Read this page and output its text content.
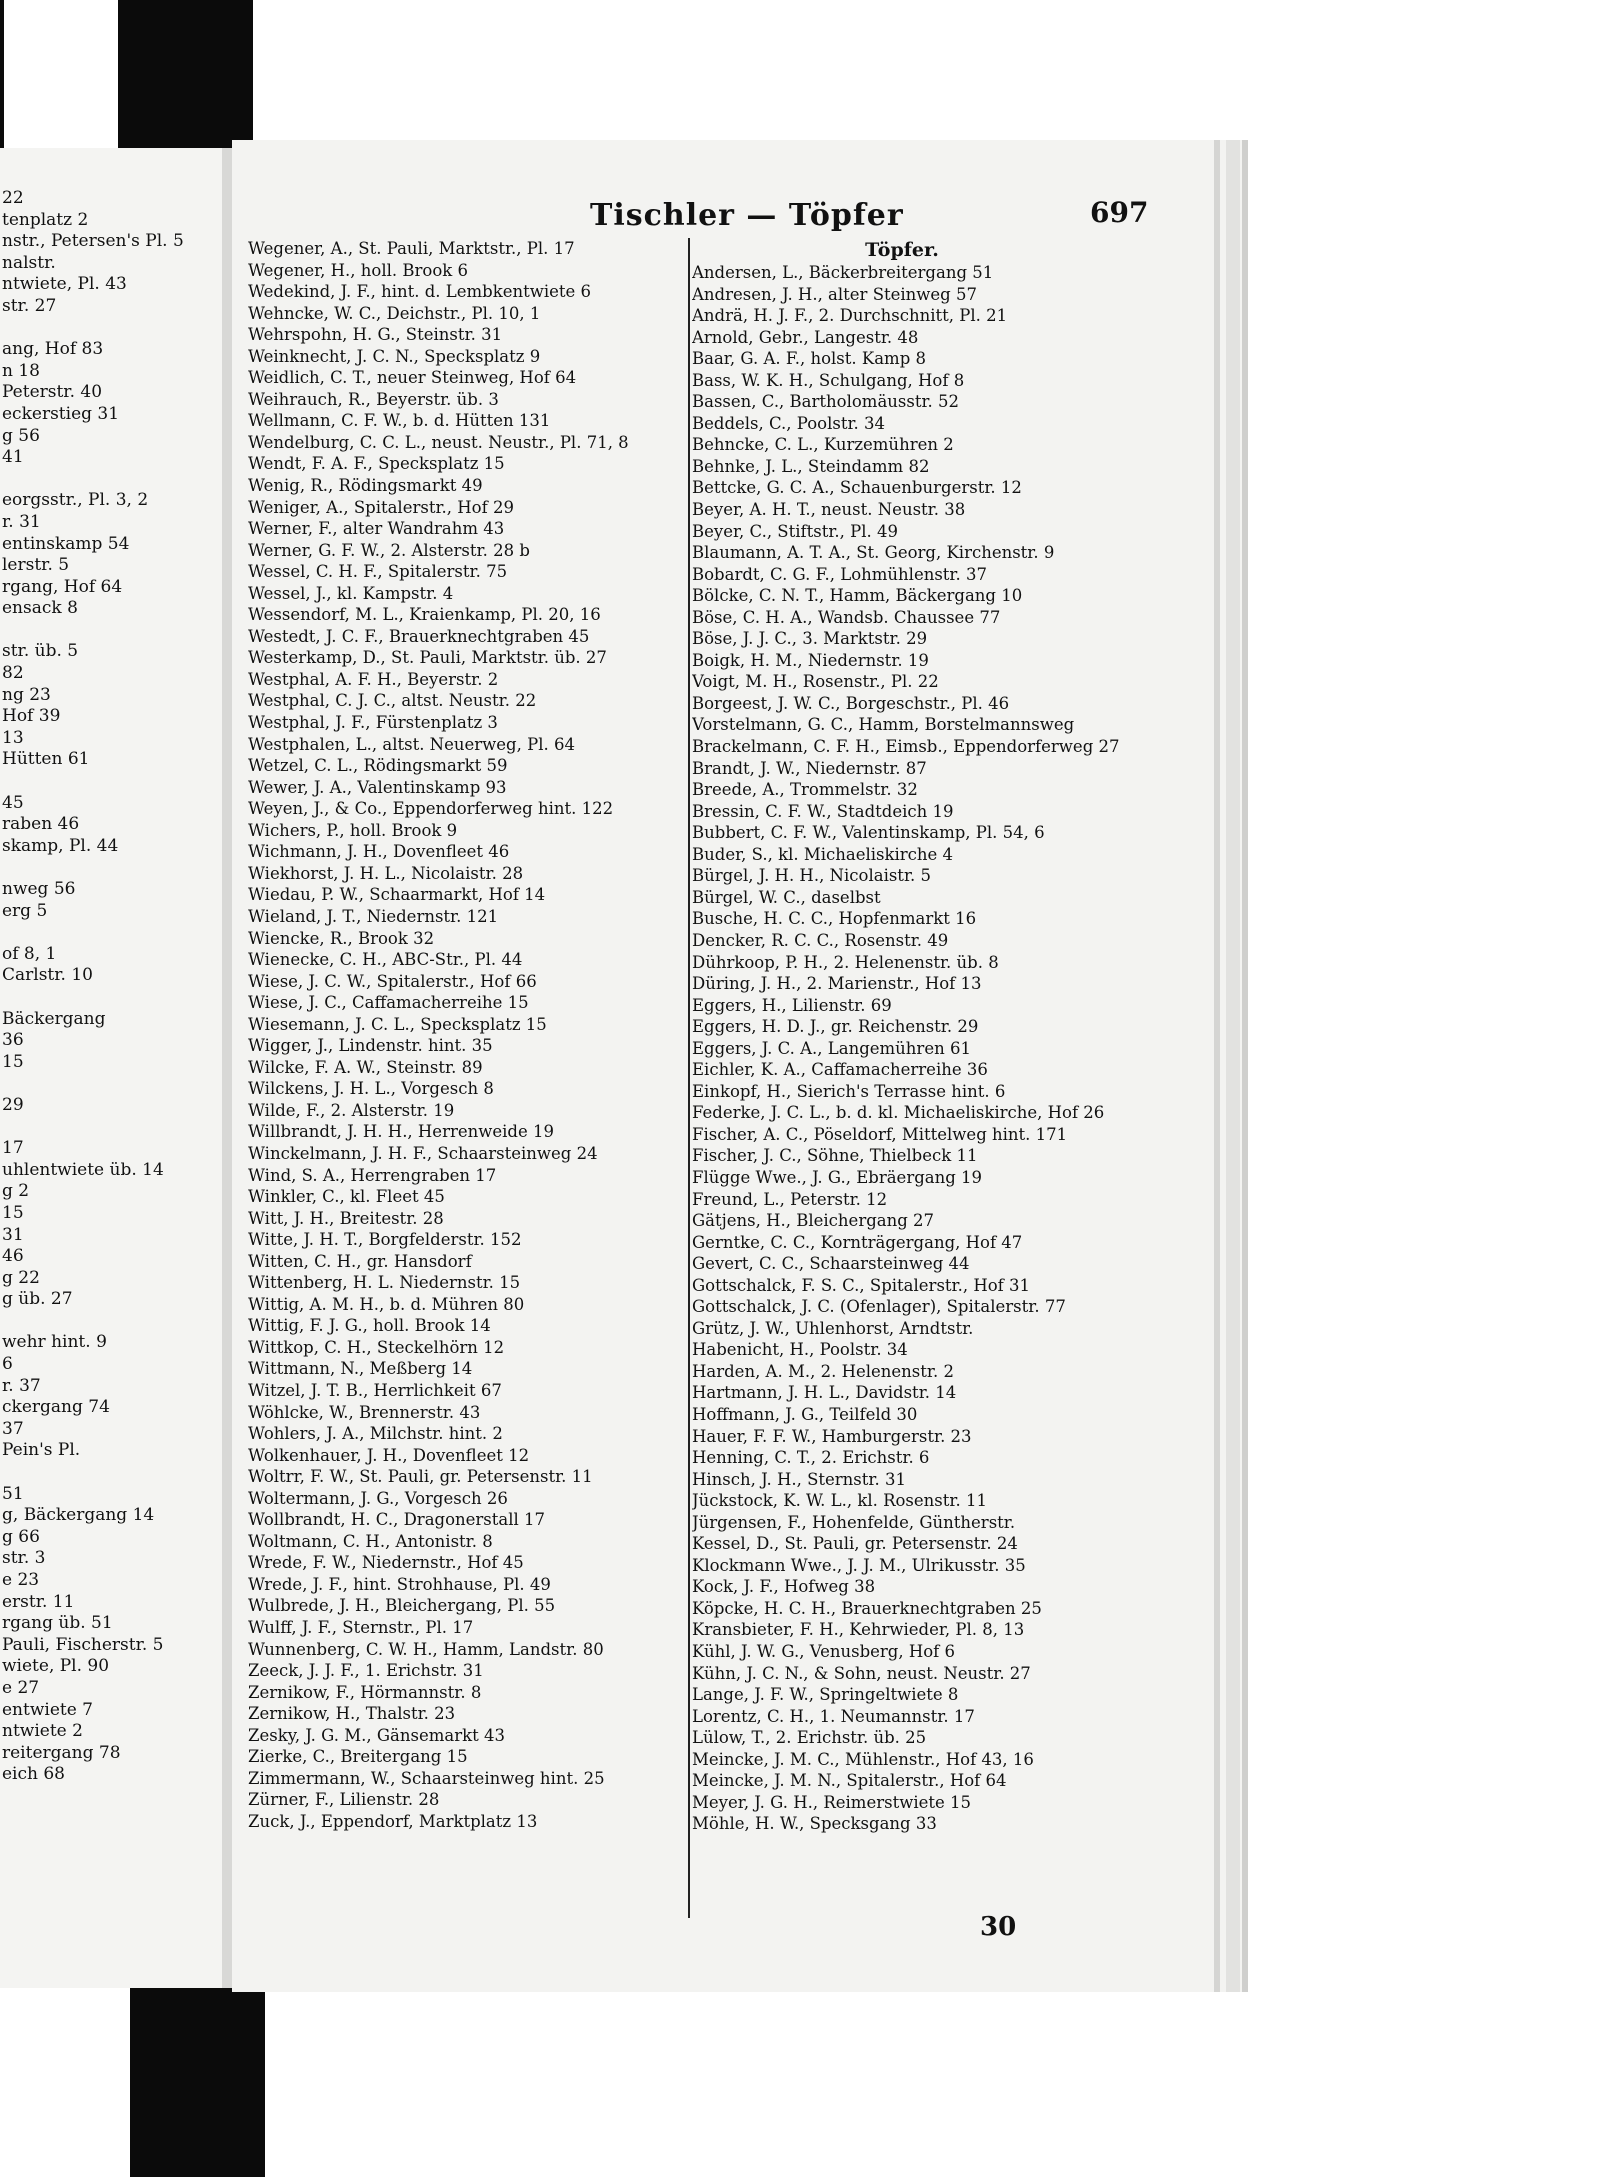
22
tenplatz 2
nstr., Petersen's Pl. 5
nalstr.
ntwiete, Pl. 43
str. 27
ang, Hof 83
n 18
Peterstr. 40
eckerstieg 31
g 56
41
eorgsstr., Pl. 3, 2
r. 31
entinskamp 54
lerstr. 5
rgang, Hof 64
ensack 8
str. üb. 5
82
ng 23
Hof 39
13
Hütten 61
45
raben 46
skamp, Pl. 44
nweg 56
erg 5
of 8, 1
Carlstr. 10
Bäckergang
36
15
29
17
uhlentwiete üb. 14
g 2
15
31
46
g 22
g üb. 27
wehr hint. 9
6
r. 37
ckergang 74
37
Pein's Pl.
51
g, Bäckergang 14
g 66
str. 3
e 23
erstr. 11
rgang üb. 51
Pauli, Fischerstr. 5
wiete, Pl. 90
e 27
entwiete 7
ntwiete 2
reitergang 78
eich 68
Tischler — Töpfer	697
Wegener, A., St. Pauli, Marktstr., Pl. 17
Wegener, H., holl. Brook 6
Wedekind, J. F., hint. d. Lembkentwiete 6
Wehncke, W. C., Deichstr., Pl. 10, 1
Wehrspohn, H. G., Steinstr. 31
Weinknecht, J. C. N., Specksplatz 9
Weidlich, C. T., neuer Steinweg, Hof 64
Weihrauch, R., Beyerstr. üb. 3
Wellmann, C. F. W., b. d. Hütten 131
Wendelburg, C. C. L., neust. Neustr., Pl. 71, 8
Wendt, F. A. F., Specksplatz 15
Wenig, R., Rödingsmarkt 49
Weniger, A., Spitalerstr., Hof 29
Werner, F., alter Wandrahm 43
Werner, G. F. W., 2. Alsterstr. 28 b
Wessel, C. H. F., Spitalerstr. 75
Wessel, J., kl. Kampstr. 4
Wessendorf, M. L., Kraienkamp, Pl. 20, 16
Westedt, J. C. F., Brauerknechtgraben 45
Westerkamp, D., St. Pauli, Marktstr. üb. 27
Westphal, A. F. H., Beyerstr. 2
Westphal, C. J. C., altst. Neustr. 22
Westphal, J. F., Fürstenplatz 3
Westphalen, L., altst. Neuerweg, Pl. 64
Wetzel, C. L., Rödingsmarkt 59
Wewer, J. A., Valentinskamp 93
Weyen, J., & Co., Eppendorferweg hint. 122
Wichers, P., holl. Brook 9
Wichmann, J. H., Dovenfleet 46
Wiekhorst, J. H. L., Nicolaistr. 28
Wiedau, P. W., Schaarmarkt, Hof 14
Wieland, J. T., Niedernstr. 121
Wiencke, R., Brook 32
Wienecke, C. H., ABC-Str., Pl. 44
Wiese, J. C. W., Spitalerstr., Hof 66
Wiese, J. C., Caffamacherreihe 15
Wiesemann, J. C. L., Specksplatz 15
Wigger, J., Lindenstr. hint. 35
Wilcke, F. A. W., Steinstr. 89
Wilckens, J. H. L., Vorgesch 8
Wilde, F., 2. Alsterstr. 19
Willbrandt, J. H. H., Herrenweide 19
Winckelmann, J. H. F., Schaarsteinweg 24
Wind, S. A., Herrengraben 17
Winkler, C., kl. Fleet 45
Witt, J. H., Breitestr. 28
Witte, J. H. T., Borgfelderstr. 152
Witten, C. H., gr. Hansdorf
Wittenberg, H. L. Niedernstr. 15
Wittig, A. M. H., b. d. Mühren 80
Wittig, F. J. G., holl. Brook 14
Wittkop, C. H., Steckelhörn 12
Wittmann, N., Meßberg 14
Witzel, J. T. B., Herrlichkeit 67
Wöhlcke, W., Brennerstr. 43
Wohlers, J. A., Milchstr. hint. 2
Wolkenhauer, J. H., Dovenfleet 12
Woltrr, F. W., St. Pauli, gr. Petersenstr. 11
Woltermann, J. G., Vorgesch 26
Wollbrandt, H. C., Dragonerstall 17
Woltmann, C. H., Antonistr. 8
Wrede, F. W., Niedernstr., Hof 45
Wrede, J. F., hint. Strohhause, Pl. 49
Wulbrede, J. H., Bleichergang, Pl. 55
Wulff, J. F., Sternstr., Pl. 17
Wunnenberg, C. W. H., Hamm, Landstr. 80
Zeeck, J. J. F., 1. Erichstr. 31
Zernikow, F., Hörmannstr. 8
Zernikow, H., Thalstr. 23
Zesky, J. G. M., Gänsemarkt 43
Zierke, C., Breitergang 15
Zimmermann, W., Schaarsteinweg hint. 25
Zürner, F., Lilienstr. 28
Zuck, J., Eppendorf, Marktplatz 13
Töpfer.
Andersen, L., Bäckerbreitergang 51
Andresen, J. H., alter Steinweg 57
Andrä, H. J. F., 2. Durchschnitt, Pl. 21
Arnold, Gebr., Langestr. 48
Baar, G. A. F., holst. Kamp 8
Bass, W. K. H., Schulgang, Hof 8
Bassen, C., Bartholomäusstr. 52
Beddels, C., Poolstr. 34
Behncke, C. L., Kurzemühren 2
Behnke, J. L., Steindamm 82
Bettcke, G. C. A., Schauenburgerstr. 12
Beyer, A. H. T., neust. Neustr. 38
Beyer, C., Stiftstr., Pl. 49
Blaumann, A. T. A., St. Georg, Kirchenstr. 9
Bobardt, C. G. F., Lohmühlenstr. 37
Bölcke, C. N. T., Hamm, Bäckergang 10
Böse, C. H. A., Wandsb. Chaussee 77
Böse, J. J. C., 3. Marktstr. 29
Boigk, H. M., Niedernstr. 19
Voigt, M. H., Rosenstr., Pl. 22
Borgeest, J. W. C., Borgeschstr., Pl. 46
Vorstelmann, G. C., Hamm, Borstelmannsweg
Brackelmann, C. F. H., Eimsb., Eppendorferweg 27
Brandt, J. W., Niedernstr. 87
Breede, A., Trommelstr. 32
Bressin, C. F. W., Stadtdeich 19
Bubbert, C. F. W., Valentinskamp, Pl. 54, 6
Buder, S., kl. Michaeliskirche 4
Bürgel, J. H. H., Nicolaistr. 5
Bürgel, W. C., daselbst
Busche, H. C. C., Hopfenmarkt 16
Dencker, R. C. C., Rosenstr. 49
Dührkoop, P. H., 2. Helenenstr. üb. 8
Düring, J. H., 2. Marienstr., Hof 13
Eggers, H., Lilienstr. 69
Eggers, H. D. J., gr. Reichenstr. 29
Eggers, J. C. A., Langemühren 61
Eichler, K. A., Caffamacherreihe 36
Einkopf, H., Sierich's Terrasse hint. 6
Federke, J. C. L., b. d. kl. Michaeliskirche, Hof 26
Fischer, A. C., Pöseldorf, Mittelweg hint. 171
Fischer, J. C., Söhne, Thielbeck 11
Flügge Wwe., J. G., Ebräergang 19
Freund, L., Peterstr. 12
Gätjens, H., Bleichergang 27
Gerntke, C. C., Kornträgergang, Hof 47
Gevert, C. C., Schaarsteinweg 44
Gottschalck, F. S. C., Spitalerstr., Hof 31
Gottschalck, J. C. (Ofenlager), Spitalerstr. 77
Grütz, J. W., Uhlenhorst, Arndtstr.
Habenicht, H., Poolstr. 34
Harden, A. M., 2. Helenenstr. 2
Hartmann, J. H. L., Davidstr. 14
Hoffmann, J. G., Teilfeld 30
Hauer, F. F. W., Hamburgerstr. 23
Henning, C. T., 2. Erichstr. 6
Hinsch, J. H., Sternstr. 31
Jückstock, K. W. L., kl. Rosenstr. 11
Jürgensen, F., Hohenfelde, Güntherstr.
Kessel, D., St. Pauli, gr. Petersenstr. 24
Klockmann Wwe., J. J. M., Ulrikusstr. 35
Kock, J. F., Hofweg 38
Köpcke, H. C. H., Brauerknechtgraben 25
Kransbieter, F. H., Kehrwieder, Pl. 8, 13
Kühl, J. W. G., Venusberg, Hof 6
Kühn, J. C. N., & Sohn, neust. Neustr. 27
Lange, J. F. W., Springeltwiete 8
Lorentz, C. H., 1. Neumannstr. 17
Lülow, T., 2. Erichstr. üb. 25
Meincke, J. M. C., Mühlenstr., Hof 43, 16
Meincke, J. M. N., Spitalerstr., Hof 64
Meyer, J. G. H., Reimerstwiete 15
Möhle, H. W., Specksgang 33
30
